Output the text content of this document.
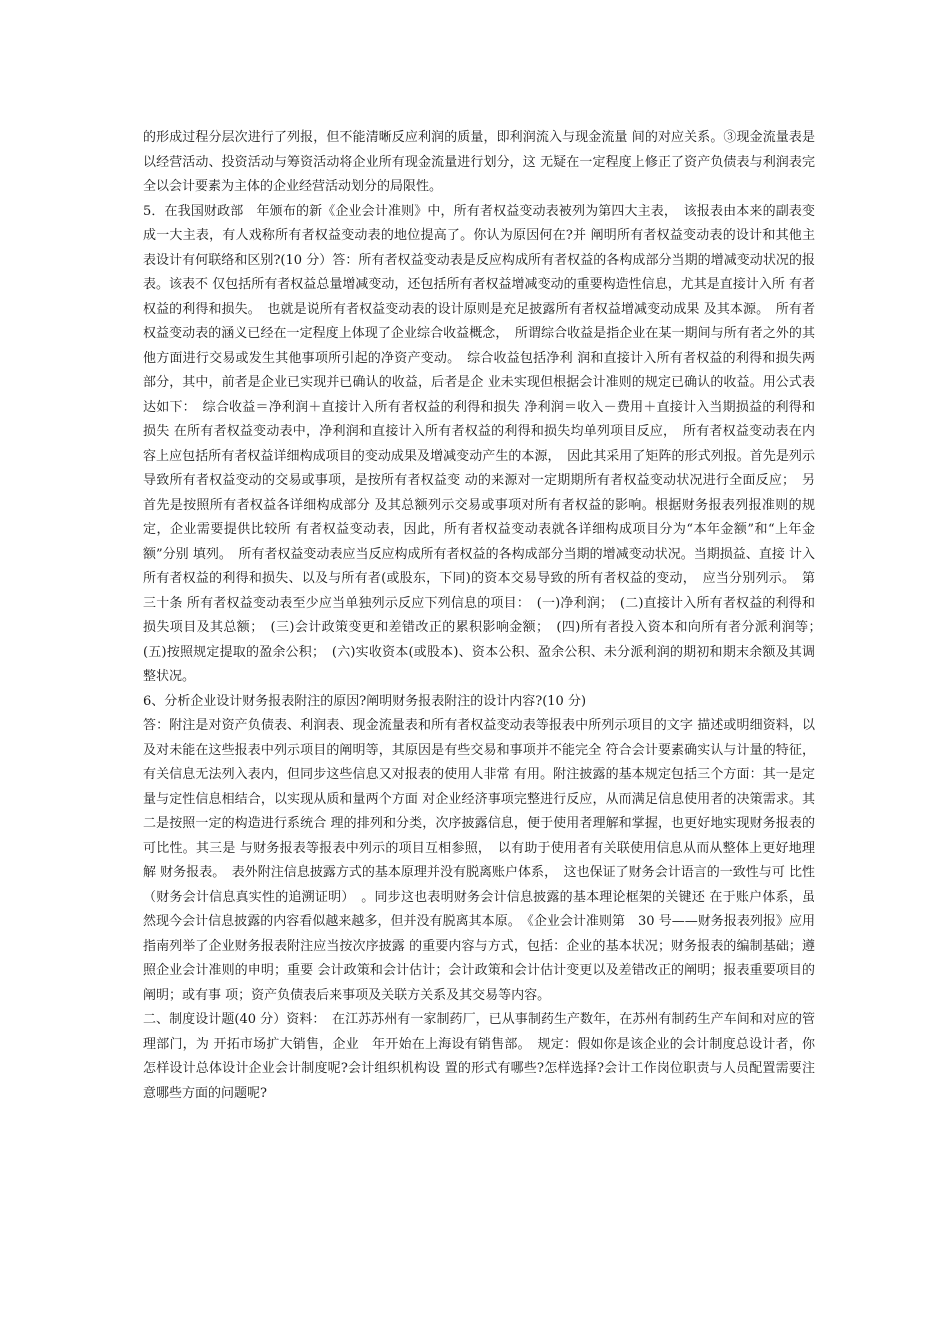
的形成过程分层次进行了列报，但不能清晰反应利润的质量，即利润流入与现金流量 间的对应关系。③现金流量表是以经营活动、投资活动与筹资活动将企业所有现金流量进行划分，这 无疑在一定程度上修正了资产负债表与利润表完全以会计要素为主体的企业经营活动划分的局限性。

5．在我国财政部　年颁布的新《企业会计准则》中，所有者权益变动表被列为第四大主表，　该报表由本来的副表变成一大主表，有人戏称所有者权益变动表的地位提高了。你认为原因何在?并 阐明所有者权益变动表的设计和其他主表设计有何联络和区别?(10 分）答：所有者权益变动表是反应构成所有者权益的各构成部分当期的增减变动状况的报表。该表不 仅包括所有者权益总量增减变动，还包括所有者权益增减变动的重要构造性信息，尤其是直接计入所 有者权益的利得和损失。　也就是说所有者权益变动表的设计原则是充足披露所有者权益增减变动成果 及其本源。　所有者权益变动表的涵义已经在一定程度上体现了企业综合收益概念，　所谓综合收益是指企业在某一期间与所有者之外的其他方面进行交易或发生其他事项所引起的净资产变动。　综合收益包括净利 润和直接计入所有者权益的利得和损失两部分，其中，前者是企业已实现并已确认的收益，后者是企 业未实现但根据会计准则的规定已确认的收益。用公式表达如下：　综合收益＝净利润＋直接计入所有者权益的利得和损失 净利润＝收入－费用＋直接计入当期损益的利得和损失 在所有者权益变动表中，净利润和直接计入所有者权益的利得和损失均单列项目反应，　所有者权益变动表在内容上应包括所有者权益详细构成项目的变动成果及增减变动产生的本源，　因此其采用了矩阵的形式列报。首先是列示导致所有者权益变动的交易或事项，是按所有者权益变 动的来源对一定期期所有者权益变动状况进行全面反应；　另首先是按照所有者权益各详细构成部分 及其总额列示交易或事项对所有者权益的影响。根据财务报表列报准则的规定，企业需要提供比较所 有者权益变动表，因此，所有者权益变动表就各详细构成项目分为“本年金额”和“上年金额”分别 填列。　所有者权益变动表应当反应构成所有者权益的各构成部分当期的增减变动状况。当期损益、直接 计入所有者权益的利得和损失、以及与所有者(或股东，下同)的资本交易导致的所有者权益的变动，　应当分别列示。　第三十条 所有者权益变动表至少应当单独列示反应下列信息的项目：　(一)净利润；　(二)直接计入所有者权益的利得和损失项目及其总额；　(三)会计政策变更和差错改正的累积影响金额；　(四)所有者投入资本和向所有者分派利润等；　(五)按照规定提取的盈余公积；　(六)实收资本(或股本)、资本公积、盈余公积、未分派利润的期初和期末余额及其调整状况。

6、分析企业设计财务报表附注的原因?阐明财务报表附注的设计内容?(10 分)

答：附注是对资产负债表、利润表、现金流量表和所有者权益变动表等报表中所列示项目的文字 描述或明细资料，以及对未能在这些报表中列示项目的阐明等，其原因是有些交易和事项并不能完全 符合会计要素确实认与计量的特征，有关信息无法列入表内，但同步这些信息又对报表的使用人非常 有用。附注披露的基本规定包括三个方面：其一是定量与定性信息相结合，以实现从质和量两个方面 对企业经济事项完整进行反应，从而满足信息使用者的决策需求。其二是按照一定的构造进行系统合 理的排列和分类，次序披露信息，便于使用者理解和掌握，也更好地实现财务报表的可比性。其三是 与财务报表等报表中列示的项目互相参照，　以有助于使用者有关联使用信息从而从整体上更好地理解 财务报表。　表外附注信息披露方式的基本原理并没有脱离账户体系，　这也保证了财务会计语言的一致性与可 比性（财务会计信息真实性的追溯证明）　。同步这也表明财务会计信息披露的基本理论框架的关键还 在于账户体系，虽然现今会计信息披露的内容看似越来越多，但并没有脱离其本原。　《企业会计准则第　30 号——财务报表列报》应用指南列举了企业财务报表附注应当按次序披露 的重要内容与方式，包括：企业的基本状况；财务报表的编制基础；遵照企业会计准则的申明；重要 会计政策和会计估计；会计政策和会计估计变更以及差错改正的阐明；报表重要项目的阐明；或有事 项；资产负债表后来事项及关联方关系及其交易等内容。

二、制度设计题(40 分）资料：　在江苏苏州有一家制药厂，已从事制药生产数年，在苏州有制药生产车间和对应的管理部门，为 开拓市场扩大销售，企业　年开始在上海设有销售部。　规定：假如你是该企业的会计制度总设计者，你怎样设计总体设计企业会计制度呢?会计组织机构设 置的形式有哪些?怎样选择?会计工作岗位职责与人员配置需要注意哪些方面的问题呢?
